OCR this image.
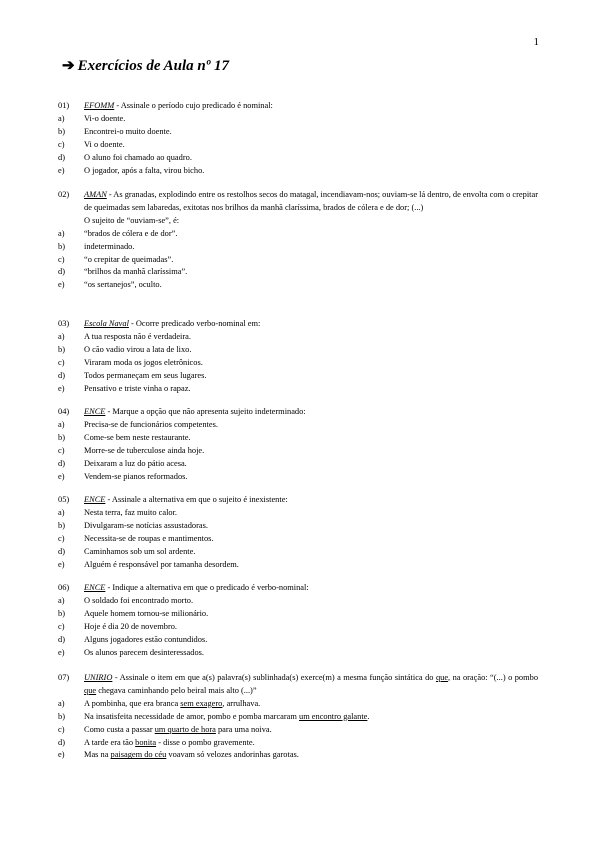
1
➔ Exercícios de Aula nº 17
01)	EFOMM - Assinale o período cujo predicado é nominal:
a)	Vi-o doente.
b)	Encontrei-o muito doente.
c)	Vi o doente.
d)	O aluno foi chamado ao quadro.
e)	O jogador, após a falta, virou bicho.
02)	AMAN - As granadas, explodindo entre os restolhos secos do matagal, incendiavam-nos; ouviam-se lá dentro, de envolta com o crepitar de queimadas sem labaredas, exitotas nos brilhos da manhã claríssima, brados de cólera e de dor; (...)
O sujeito de “ouviam-se”, é:
a)	“brados de cólera e de dor”.
b)	indeterminado.
c)	“o crepitar de queimadas”.
d)	“brilhos da manhã claríssima”.
e)	“os sertanejos”, oculto.
03)	Escola Naval - Ocorre predicado verbo-nominal em:
a)	A tua resposta não é verdadeira.
b)	O cão vadio virou a lata de lixo.
c)	Viraram moda os jogos eletrônicos.
d)	Todos permaneçam em seus lugares.
e)	Pensativo e triste vinha o rapaz.
04)	ENCE - Marque a opção que não apresenta sujeito indeterminado:
a)	Precisa-se de funcionários competentes.
b)	Come-se bem neste restaurante.
c)	Morre-se de tuberculose ainda hoje.
d)	Deixaram a luz do pátio acesa.
e)	Vendem-se pianos reformados.
05)	ENCE - Assinale a alternativa em que o sujeito é inexistente:
a)	Nesta terra, faz muito calor.
b)	Divulgaram-se notícias assustadoras.
c)	Necessita-se de roupas e mantimentos.
d)	Caminhamos sob um sol ardente.
e)	Alguém é responsável por tamanha desordem.
06)	ENCE - Indique a alternativa em que o predicado é verbo-nominal:
a)	O soldado foi encontrado morto.
b)	Aquele homem tornou-se milionário.
c)	Hoje é dia 20 de novembro.
d)	Alguns jogadores estão contundidos.
e)	Os alunos parecem desinteressados.
07)	UNIRIO - Assinale o item em que a(s) palavra(s) sublinhada(s) exerce(m) a mesma função sintática do que, na oração: “(...) o pombo que chegava caminhando pelo beiral mais alto (...)”
a)	A pombinha, que era branca sem exagero, arrulhava.
b)	Na insatisfeita necessidade de amor, pombo e pomba marcaram um encontro galante.
c)	Como custa a passar um quarto de hora para uma noiva.
d)	A tarde era tão bonita - disse o pombo gravemente.
e)	Mas na paisagem do céu voavam só velozes andorinhas garotas.
